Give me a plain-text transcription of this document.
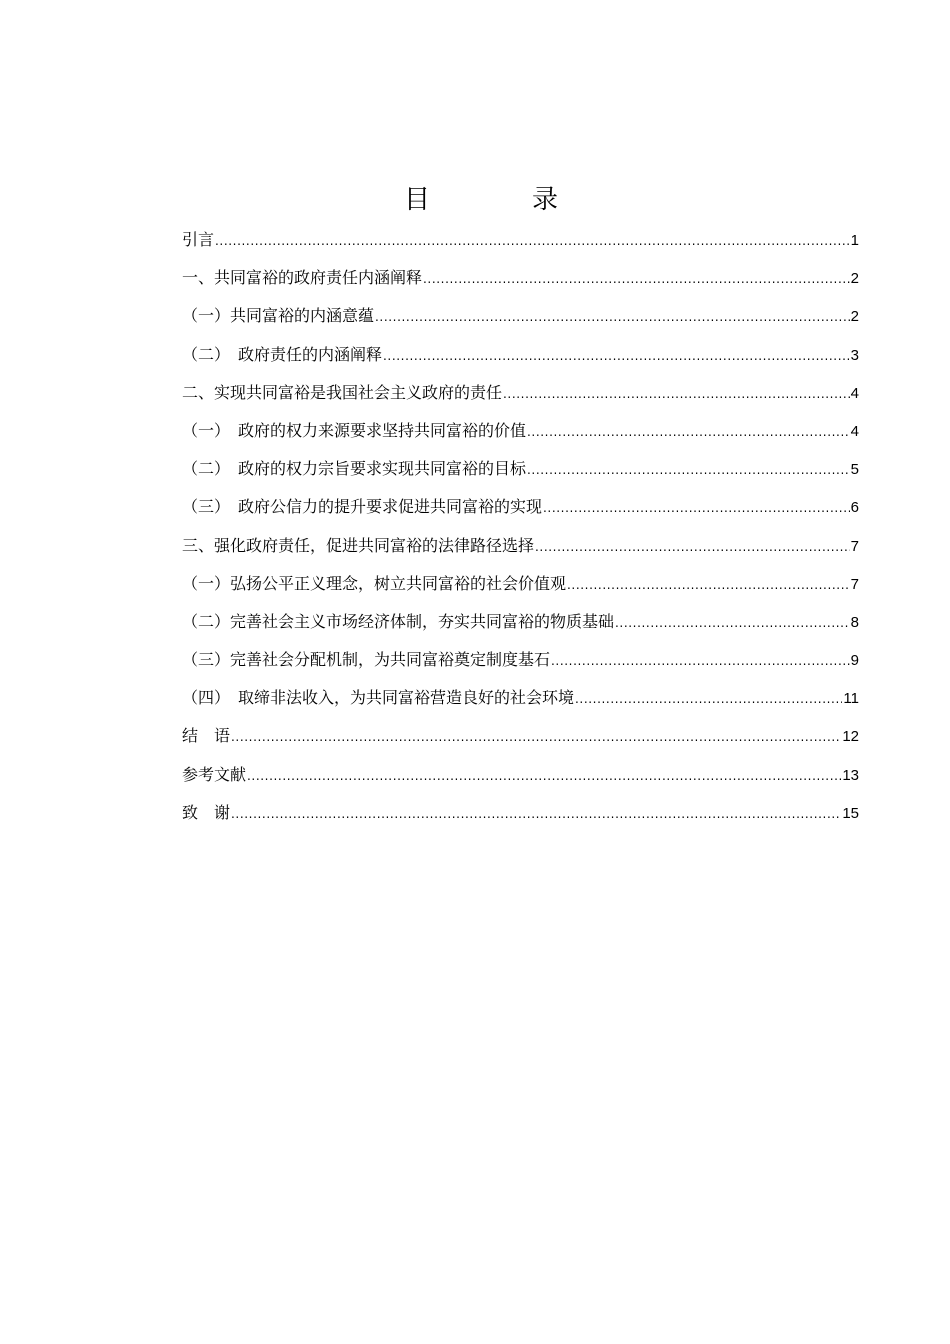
目　录
引言 .....	1
一、共同富裕的政府责任内涵阐释 .....	2
（一）共同富裕的内涵意蕴 .....	2
（二）　政府责任的内涵阐释 .....	3
二、实现共同富裕是我国社会主义政府的责任 .....	4
（一）　政府的权力来源要求坚持共同富裕的价值 .....	4
（二）　政府的权力宗旨要求实现共同富裕的目标 .....	5
（三）　政府公信力的提升要求促进共同富裕的实现 .....	6
三、强化政府责任，促进共同富裕的法律路径选择 .....	7
（一）弘扬公平正义理念，树立共同富裕的社会价值观 .....	7
（二）完善社会主义市场经济体制，夯实共同富裕的物质基础 .....	8
（三）完善社会分配机制，为共同富裕奠定制度基石 .....	9
（四）　取缔非法收入，为共同富裕营造良好的社会环境 .....	11
结　语 .....	12
参考文献 .....	13
致　谢 .....	15
